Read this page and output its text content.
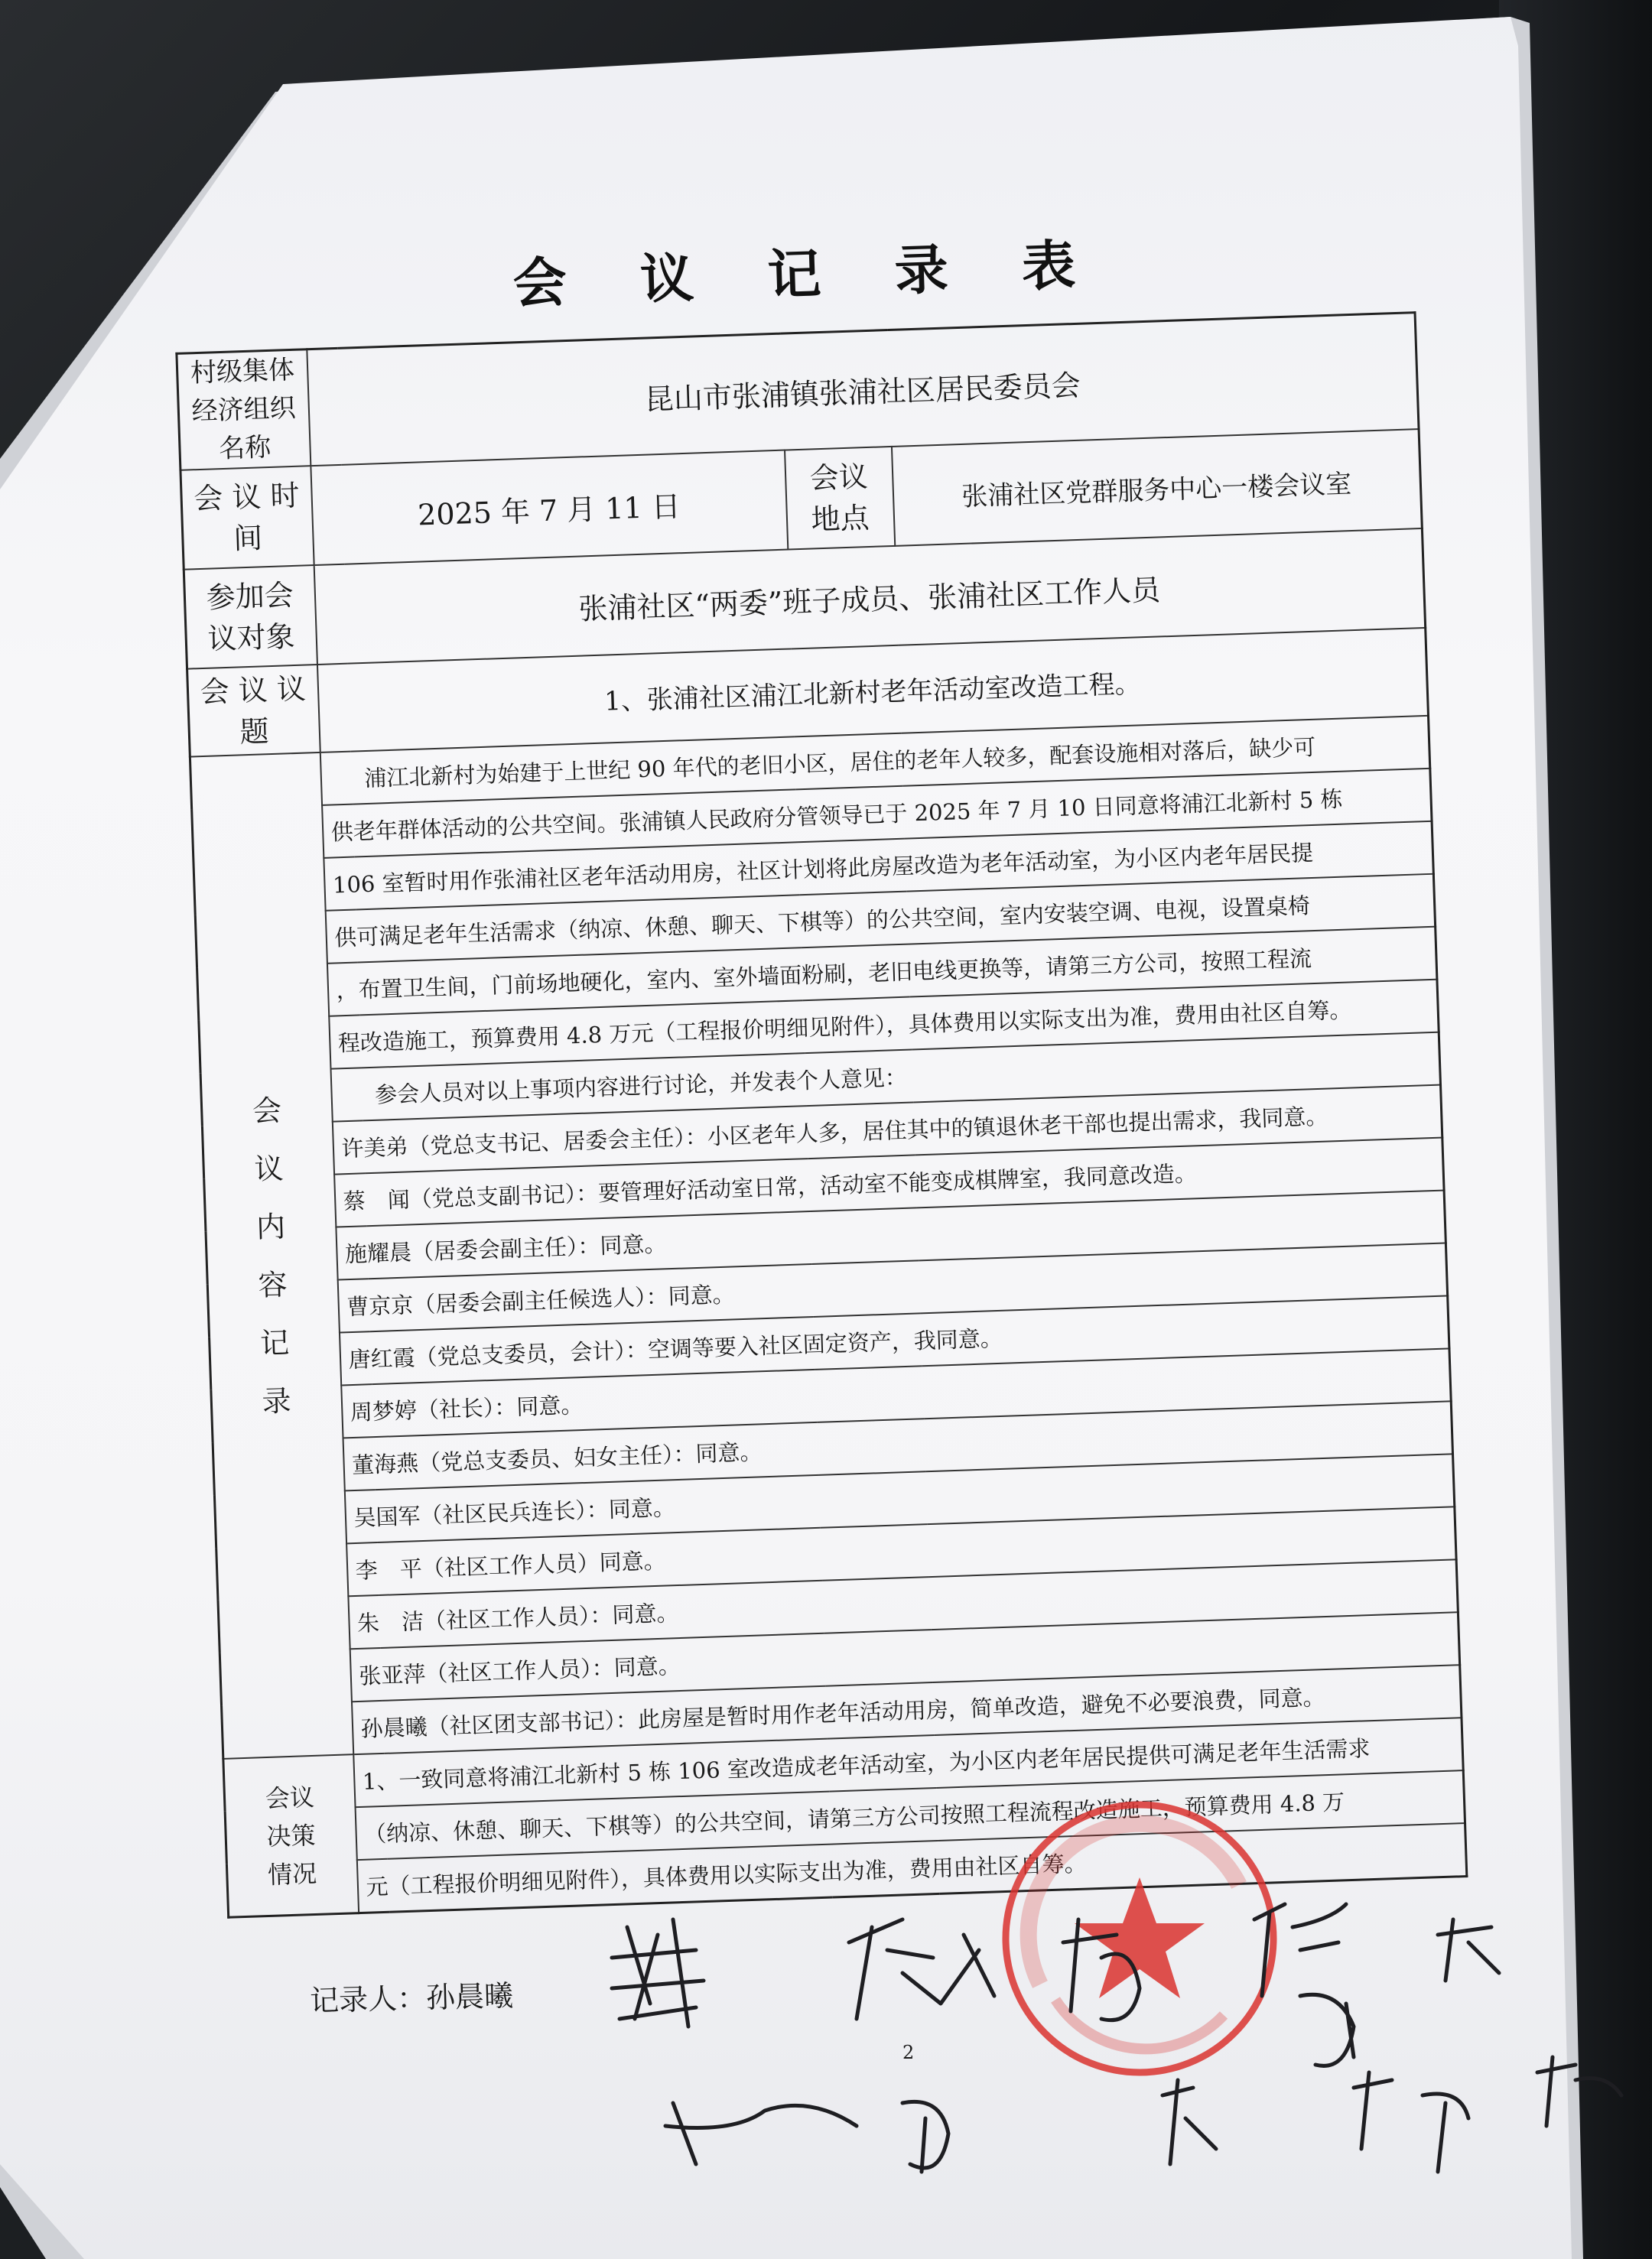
会 议 记 录 表
村级集体经济组织名称	昆山市张浦镇张浦社区居民委员会		
会 议 时 间	2025 年 7 月 11 日	会议 地点	张浦社区党群服务中心一楼会议室
参加会议对象	张浦社区“两委”班子成员、张浦社区工作人员		
会 议 议 题	1、张浦社区浦江北新村老年活动室改造工程。		

会 议 内 容 记 录	浦江北新村为始建于上世纪 90 年代的老旧小区，居住的老年人较多，配套设施相对落后，缺少可		
	供老年群体活动的公共空间。张浦镇人民政府分管领导已于 2025 年 7 月 10 日同意将浦江北新村 5 栋		
	106 室暂时用作张浦社区老年活动用房，社区计划将此房屋改造为老年活动室，为小区内老年居民提		
	供可满足老年生活需求（纳凉、休憩、聊天、下棋等）的公共空间，室内安装空调、电视，设置桌椅		
	，布置卫生间，门前场地硬化，室内、室外墙面粉刷，老旧电线更换等，请第三方公司，按照工程流		
	程改造施工，预算费用 4.8 万元（工程报价明细见附件），具体费用以实际支出为准，费用由社区自筹。		
	参会人员对以上事项内容进行讨论，并发表个人意见：		
	许美弟（党总支书记、居委会主任）：小区老年人多，居住其中的镇退休老干部也提出需求，我同意。		
	蔡　闻（党总支副书记）：要管理好活动室日常，活动室不能变成棋牌室，我同意改造。		
	施耀晨（居委会副主任）：同意。		
	曹京京（居委会副主任候选人）：同意。		
	唐红霞（党总支委员，会计）：空调等要入社区固定资产，我同意。		
	周梦婷（社长）：同意。		
	董海燕（党总支委员、妇女主任）：同意。		
	吴国军（社区民兵连长）：同意。		
	李　平（社区工作人员）同意。		
	朱　洁（社区工作人员）：同意。		
	张亚萍（社区工作人员）：同意。		
	孙晨曦（社区团支部书记）：此房屋是暂时用作老年活动用房，简单改造，避免不必要浪费，同意。		

会议 决策 情况	1、一致同意将浦江北新村 5 栋 106 室改造成老年活动室，为小区内老年居民提供可满足老年生活需求		
	（纳凉、休憩、聊天、下棋等）的公共空间，请第三方公司按照工程流程改造施工，预算费用 4.8 万		
	元（工程报价明细见附件），具体费用以实际支出为准，费用由社区自筹。		
记录人：孙晨曦
2
